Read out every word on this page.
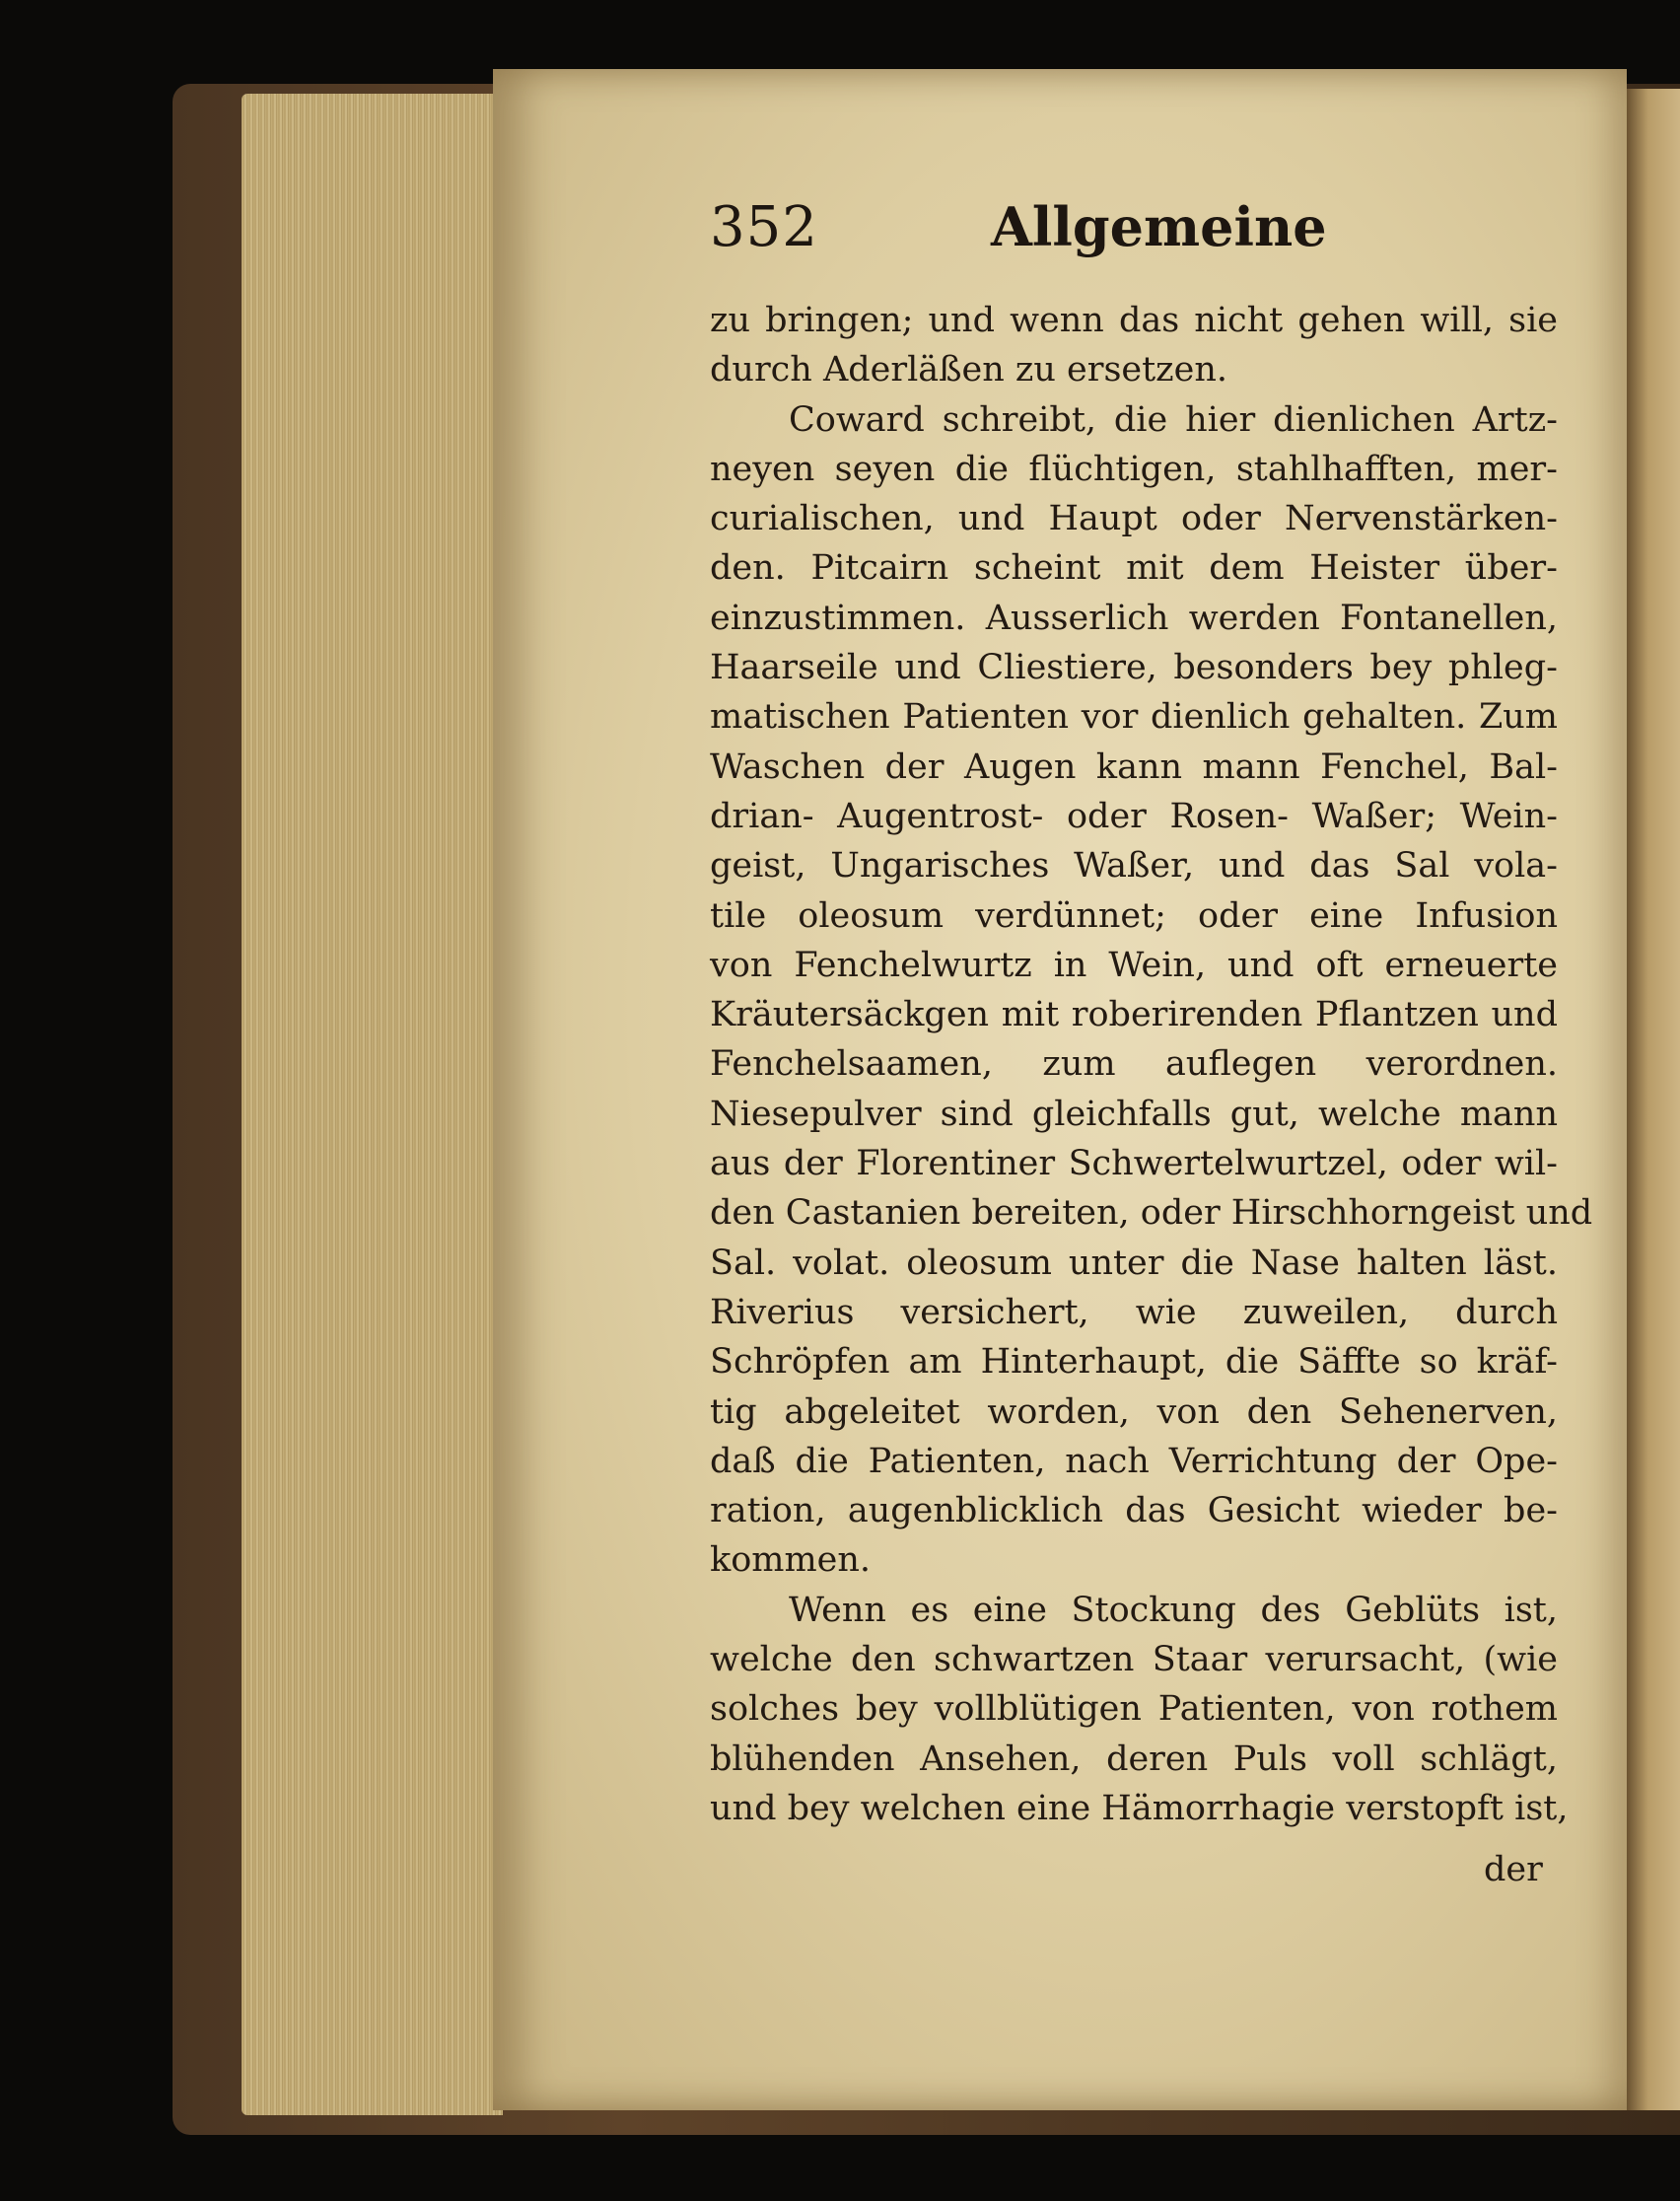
352	Allgemeine
zu bringen; und wenn das nicht gehen will, sie
durch Aderläßen zu ersetzen.
Coward schreibt, die hier dienlichen Artz-
neyen seyen die flüchtigen, stahlhafften, mer-
curialischen, und Haupt oder Nervenstärken-
den. Pitcairn scheint mit dem Heister über-
einzustimmen. Ausserlich werden Fontanellen,
Haarseile und Cliestiere, besonders bey phleg-
matischen Patienten vor dienlich gehalten. Zum
Waschen der Augen kann mann Fenchel, Bal-
drian- Augentrost- oder Rosen- Waßer; Wein-
geist, Ungarisches Waßer, und das Sal vola-
tile oleosum verdünnet; oder eine Infusion
von Fenchelwurtz in Wein, und oft erneuerte
Kräutersäckgen mit roberirenden Pflantzen und
Fenchelsaamen, zum auflegen verordnen.
Niesepulver sind gleichfalls gut, welche mann
aus der Florentiner Schwertelwurtzel, oder wil-
den Castanien bereiten, oder Hirschhorngeist und
Sal. volat. oleosum unter die Nase halten läst.
Riverius versichert, wie zuweilen, durch
Schröpfen am Hinterhaupt, die Säffte so kräf-
tig abgeleitet worden, von den Sehenerven,
daß die Patienten, nach Verrichtung der Ope-
ration, augenblicklich das Gesicht wieder be-
kommen.
Wenn es eine Stockung des Geblüts ist,
welche den schwartzen Staar verursacht, (wie
solches bey vollblütigen Patienten, von rothem
blühenden Ansehen, deren Puls voll schlägt,
und bey welchen eine Hämorrhagie verstopft ist,
der
